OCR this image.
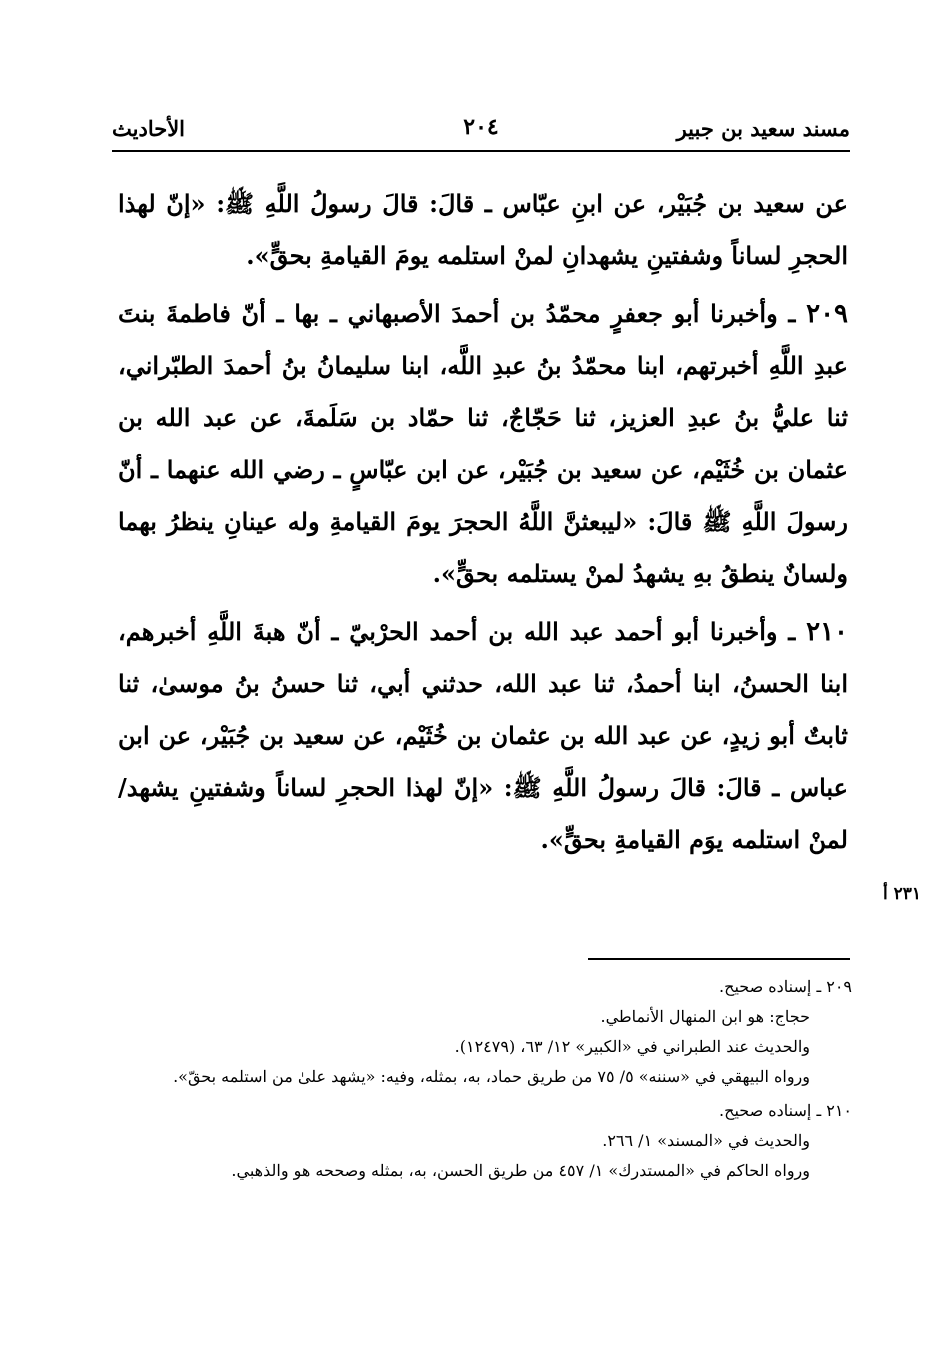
مسند سعيد بن جبير
٢٠٤
الأحاديث

عن سعيد بن جُبَيْر، عن ابنِ عبّاس ـ قالَ: قالَ رسولُ اللَّهِ ﷺ: «إنّ لهذا الحجرِ لساناً وشفتينِ يشهدانِ لمنْ استلمه يومَ القيامةِ بحقٍّ».

٢٠٩ ـ وأخبرنا أبو جعفرٍ محمّدُ بن أحمدَ الأصبهاني ـ بها ـ أنّ فاطمةَ بنتَ عبدِ اللَّهِ أخبرتهم، ابنا محمّدُ بنُ عبدِ اللَّه، ابنا سليمانُ بنُ أحمدَ الطبّراني، ثنا عليُّ بنُ عبدِ العزيز، ثنا حَجّاجٌ، ثنا حمّاد بن سَلَمةَ، عن عبد الله بن عثمان بن خُثَيْم، عن سعيد بن جُبَيْر، عن ابن عبّاسٍ ـ رضي الله عنهما ـ أنّ رسولَ اللَّهِ ﷺ قالَ: «ليبعثنَّ اللَّهُ الحجرَ يومَ القيامةِ وله عينانِ ينظرُ بهما ولسانٌ ينطقُ بهِ يشهدُ لمنْ يستلمه بحقٍّ».

٢١٠ ـ وأخبرنا أبو أحمد عبد الله بن أحمد الحرْبيّ ـ أنّ هبةَ اللَّهِ أخبرهم، ابنا الحسنُ، ابنا أحمدُ، ثنا عبد الله، حدثني أبي، ثنا حسنُ بنُ موسىٰ، ثنا ثابتٌ أبو زيدٍ، عن عبد الله بن عثمان بن خُثَيْم، عن سعيد بن جُبَيْر، عن ابن عباس ـ قالَ: قالَ رسولُ اللَّهِ ﷺ: «إنّ لهذا الحجرِ لساناً وشفتينِ يشهد/ لمنْ استلمه يوَم القيامةِ بحقٍّ».

٢٣١ أ

٢٠٩ ـ إسناده صحيح.

حجاج: هو ابن المنهال الأنماطي.

والحديث عند الطبراني في «الكبير» ١٢/ ٦٣، (١٢٤٧٩).

ورواه البيهقي في «سننه» ٥/ ٧٥ من طريق حماد، به، بمثله، وفيه: «يشهد علىٰ من استلمه بحقّ».

٢١٠ ـ إسناده صحيح.

والحديث في «المسند» ١/ ٢٦٦.

ورواه الحاكم في «المستدرك» ١/ ٤٥٧ من طريق الحسن، به، بمثله وصححه هو والذهبي.
